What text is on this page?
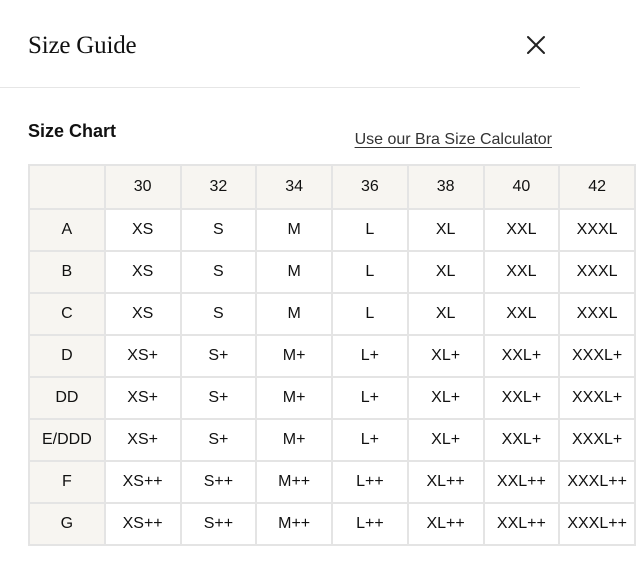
Size Guide
Size Chart	Use our Bra Size Calculator
	30	32	34	36	38	40	42
A	XS	S	M	L	XL	XXL	XXXL
B	XS	S	M	L	XL	XXL	XXXL
C	XS	S	M	L	XL	XXL	XXXL
D	XS+	S+	M+	L+	XL+	XXL+	XXXL+
DD	XS+	S+	M+	L+	XL+	XXL+	XXXL+
E/DDD	XS+	S+	M+	L+	XL+	XXL+	XXXL+
F	XS++	S++	M++	L++	XL++	XXL++	XXXL++
G	XS++	S++	M++	L++	XL++	XXL++	XXXL++
